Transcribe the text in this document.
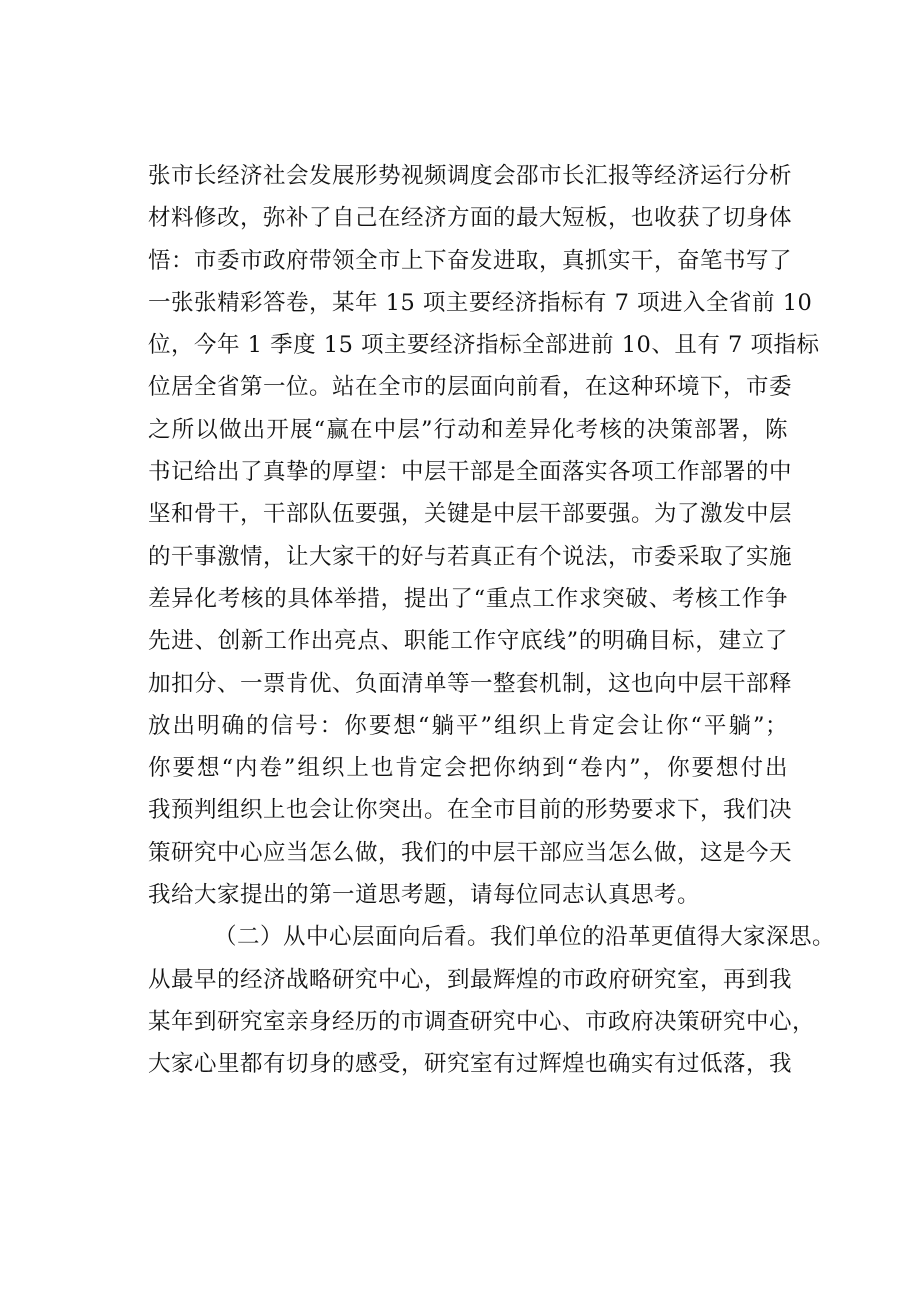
张市长经济社会发展形势视频调度会邵市长汇报等经济运行分析
材料修改，弥补了自己在经济方面的最大短板，也收获了切身体
悟：市委市政府带领全市上下奋发进取，真抓实干，奋笔书写了
一张张精彩答卷，某年 15 项主要经济指标有 7 项进入全省前 10
位，今年 1 季度 15 项主要经济指标全部进前 10、且有 7 项指标
位居全省第一位。站在全市的层面向前看，在这种环境下，市委
之所以做出开展“赢在中层”行动和差异化考核的决策部署，陈
书记给出了真挚的厚望：中层干部是全面落实各项工作部署的中
坚和骨干，干部队伍要强，关键是中层干部要强。为了激发中层
的干事激情，让大家干的好与若真正有个说法，市委采取了实施
差异化考核的具体举措，提出了“重点工作求突破、考核工作争
先进、创新工作出亮点、职能工作守底线”的明确目标，建立了
加扣分、一票肯优、负面清单等一整套机制，这也向中层干部释
放出明确的信号：你要想“躺平”组织上肯定会让你“平躺”；
你要想“内卷”组织上也肯定会把你纳到“卷内”，你要想付出
我预判组织上也会让你突出。在全市目前的形势要求下，我们决
策研究中心应当怎么做，我们的中层干部应当怎么做，这是今天
我给大家提出的第一道思考题，请每位同志认真思考。
（二）从中心层面向后看。我们单位的沿革更值得大家深思。
从最早的经济战略研究中心，到最辉煌的市政府研究室，再到我
某年到研究室亲身经历的市调查研究中心、市政府决策研究中心，
大家心里都有切身的感受，研究室有过辉煌也确实有过低落，我
